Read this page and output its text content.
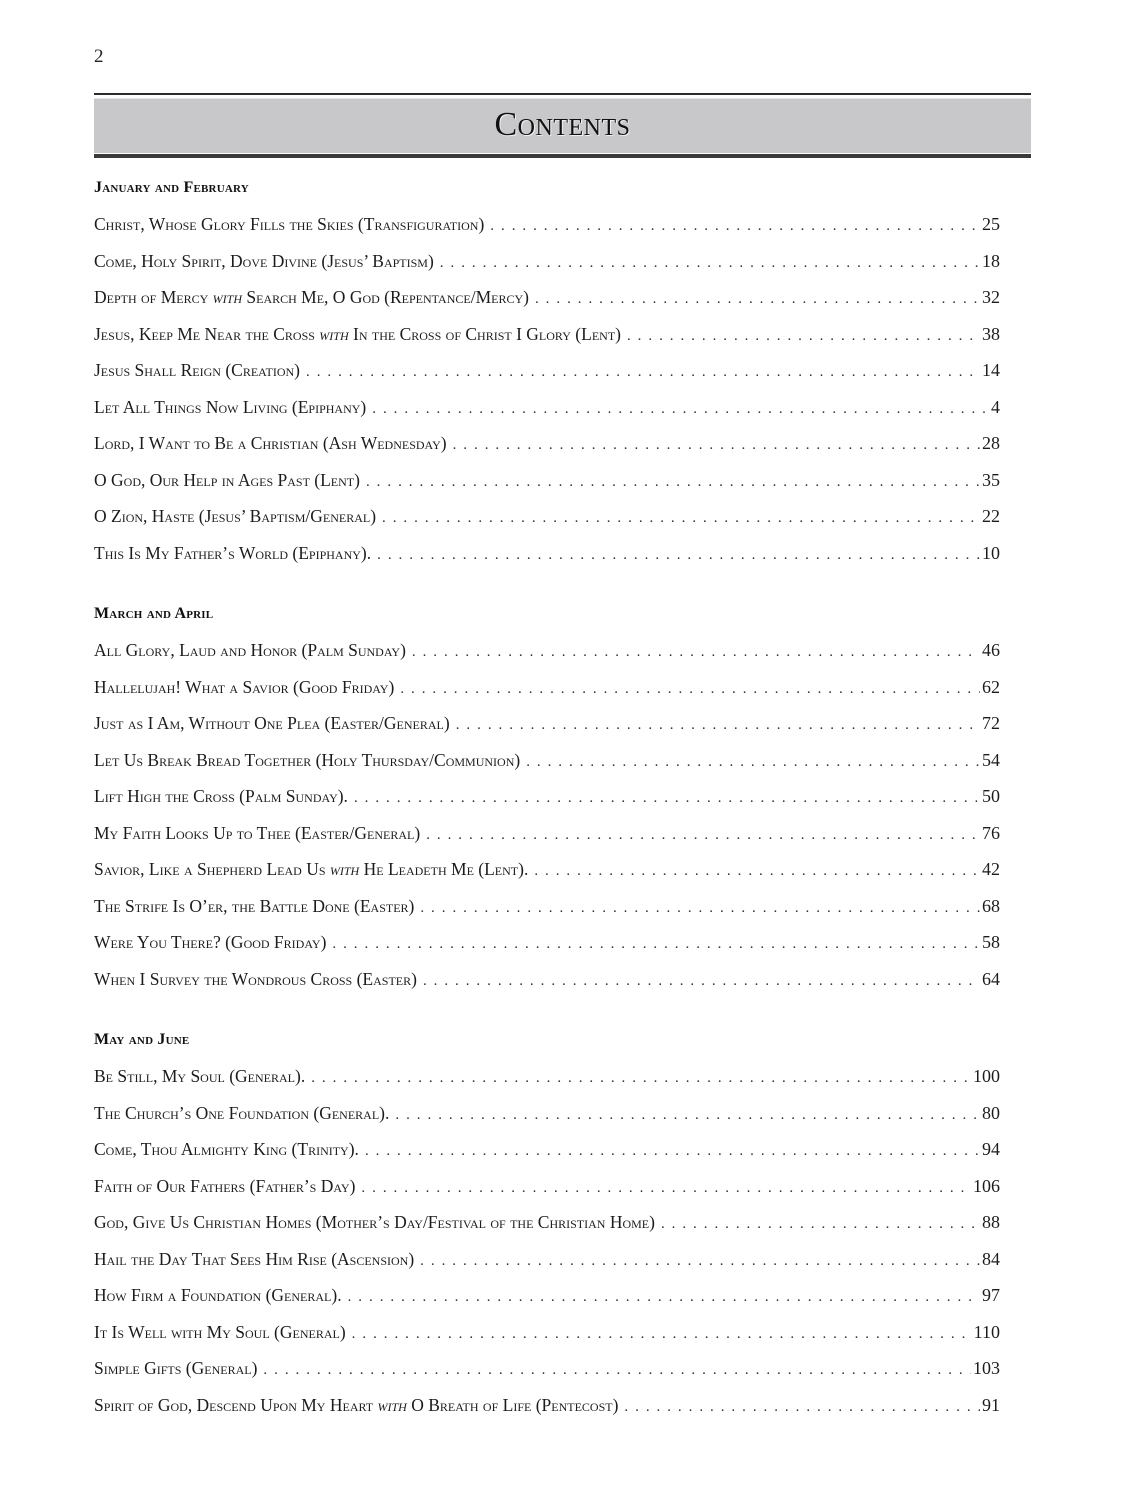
2
Contents
January and February
Christ, Whose Glory Fills the Skies (Transfiguration) . . .	25
Come, Holy Spirit, Dove Divine (Jesus’ Baptism) . . .	18
Depth of Mercy with Search Me, O God (Repentance/Mercy) . . .	32
Jesus, Keep Me Near the Cross with In the Cross of Christ I Glory (Lent) . . .	38
Jesus Shall Reign (Creation) . . .	14
Let All Things Now Living (Epiphany) . . .	4
Lord, I Want to Be a Christian (Ash Wednesday) . . .	28
O God, Our Help in Ages Past (Lent) . . .	35
O Zion, Haste (Jesus’ Baptism/General) . . .	22
This Is My Father’s World (Epiphany). . . .	10
March and April
All Glory, Laud and Honor (Palm Sunday) . . .	46
Hallelujah! What a Savior (Good Friday) . . .	62
Just as I Am, Without One Plea (Easter/General) . . .	72
Let Us Break Bread Together (Holy Thursday/Communion) . . .	54
Lift High the Cross (Palm Sunday). . . .	50
My Faith Looks Up to Thee (Easter/General) . . .	76
Savior, Like a Shepherd Lead Us with He Leadeth Me (Lent). . . .	42
The Strife Is O’er, the Battle Done (Easter) . . .	68
Were You There? (Good Friday) . . .	58
When I Survey the Wondrous Cross (Easter) . . .	64
May and June
Be Still, My Soul (General). . . .	100
The Church’s One Foundation (General). . . .	80
Come, Thou Almighty King (Trinity). . . .	94
Faith of Our Fathers (Father’s Day) . . .	106
God, Give Us Christian Homes (Mother’s Day/Festival of the Christian Home) . . .	88
Hail the Day That Sees Him Rise (Ascension) . . .	84
How Firm a Foundation (General). . . .	97
It Is Well with My Soul (General) . . .	110
Simple Gifts (General) . . .	103
Spirit of God, Descend Upon My Heart with O Breath of Life (Pentecost) . . .	91
